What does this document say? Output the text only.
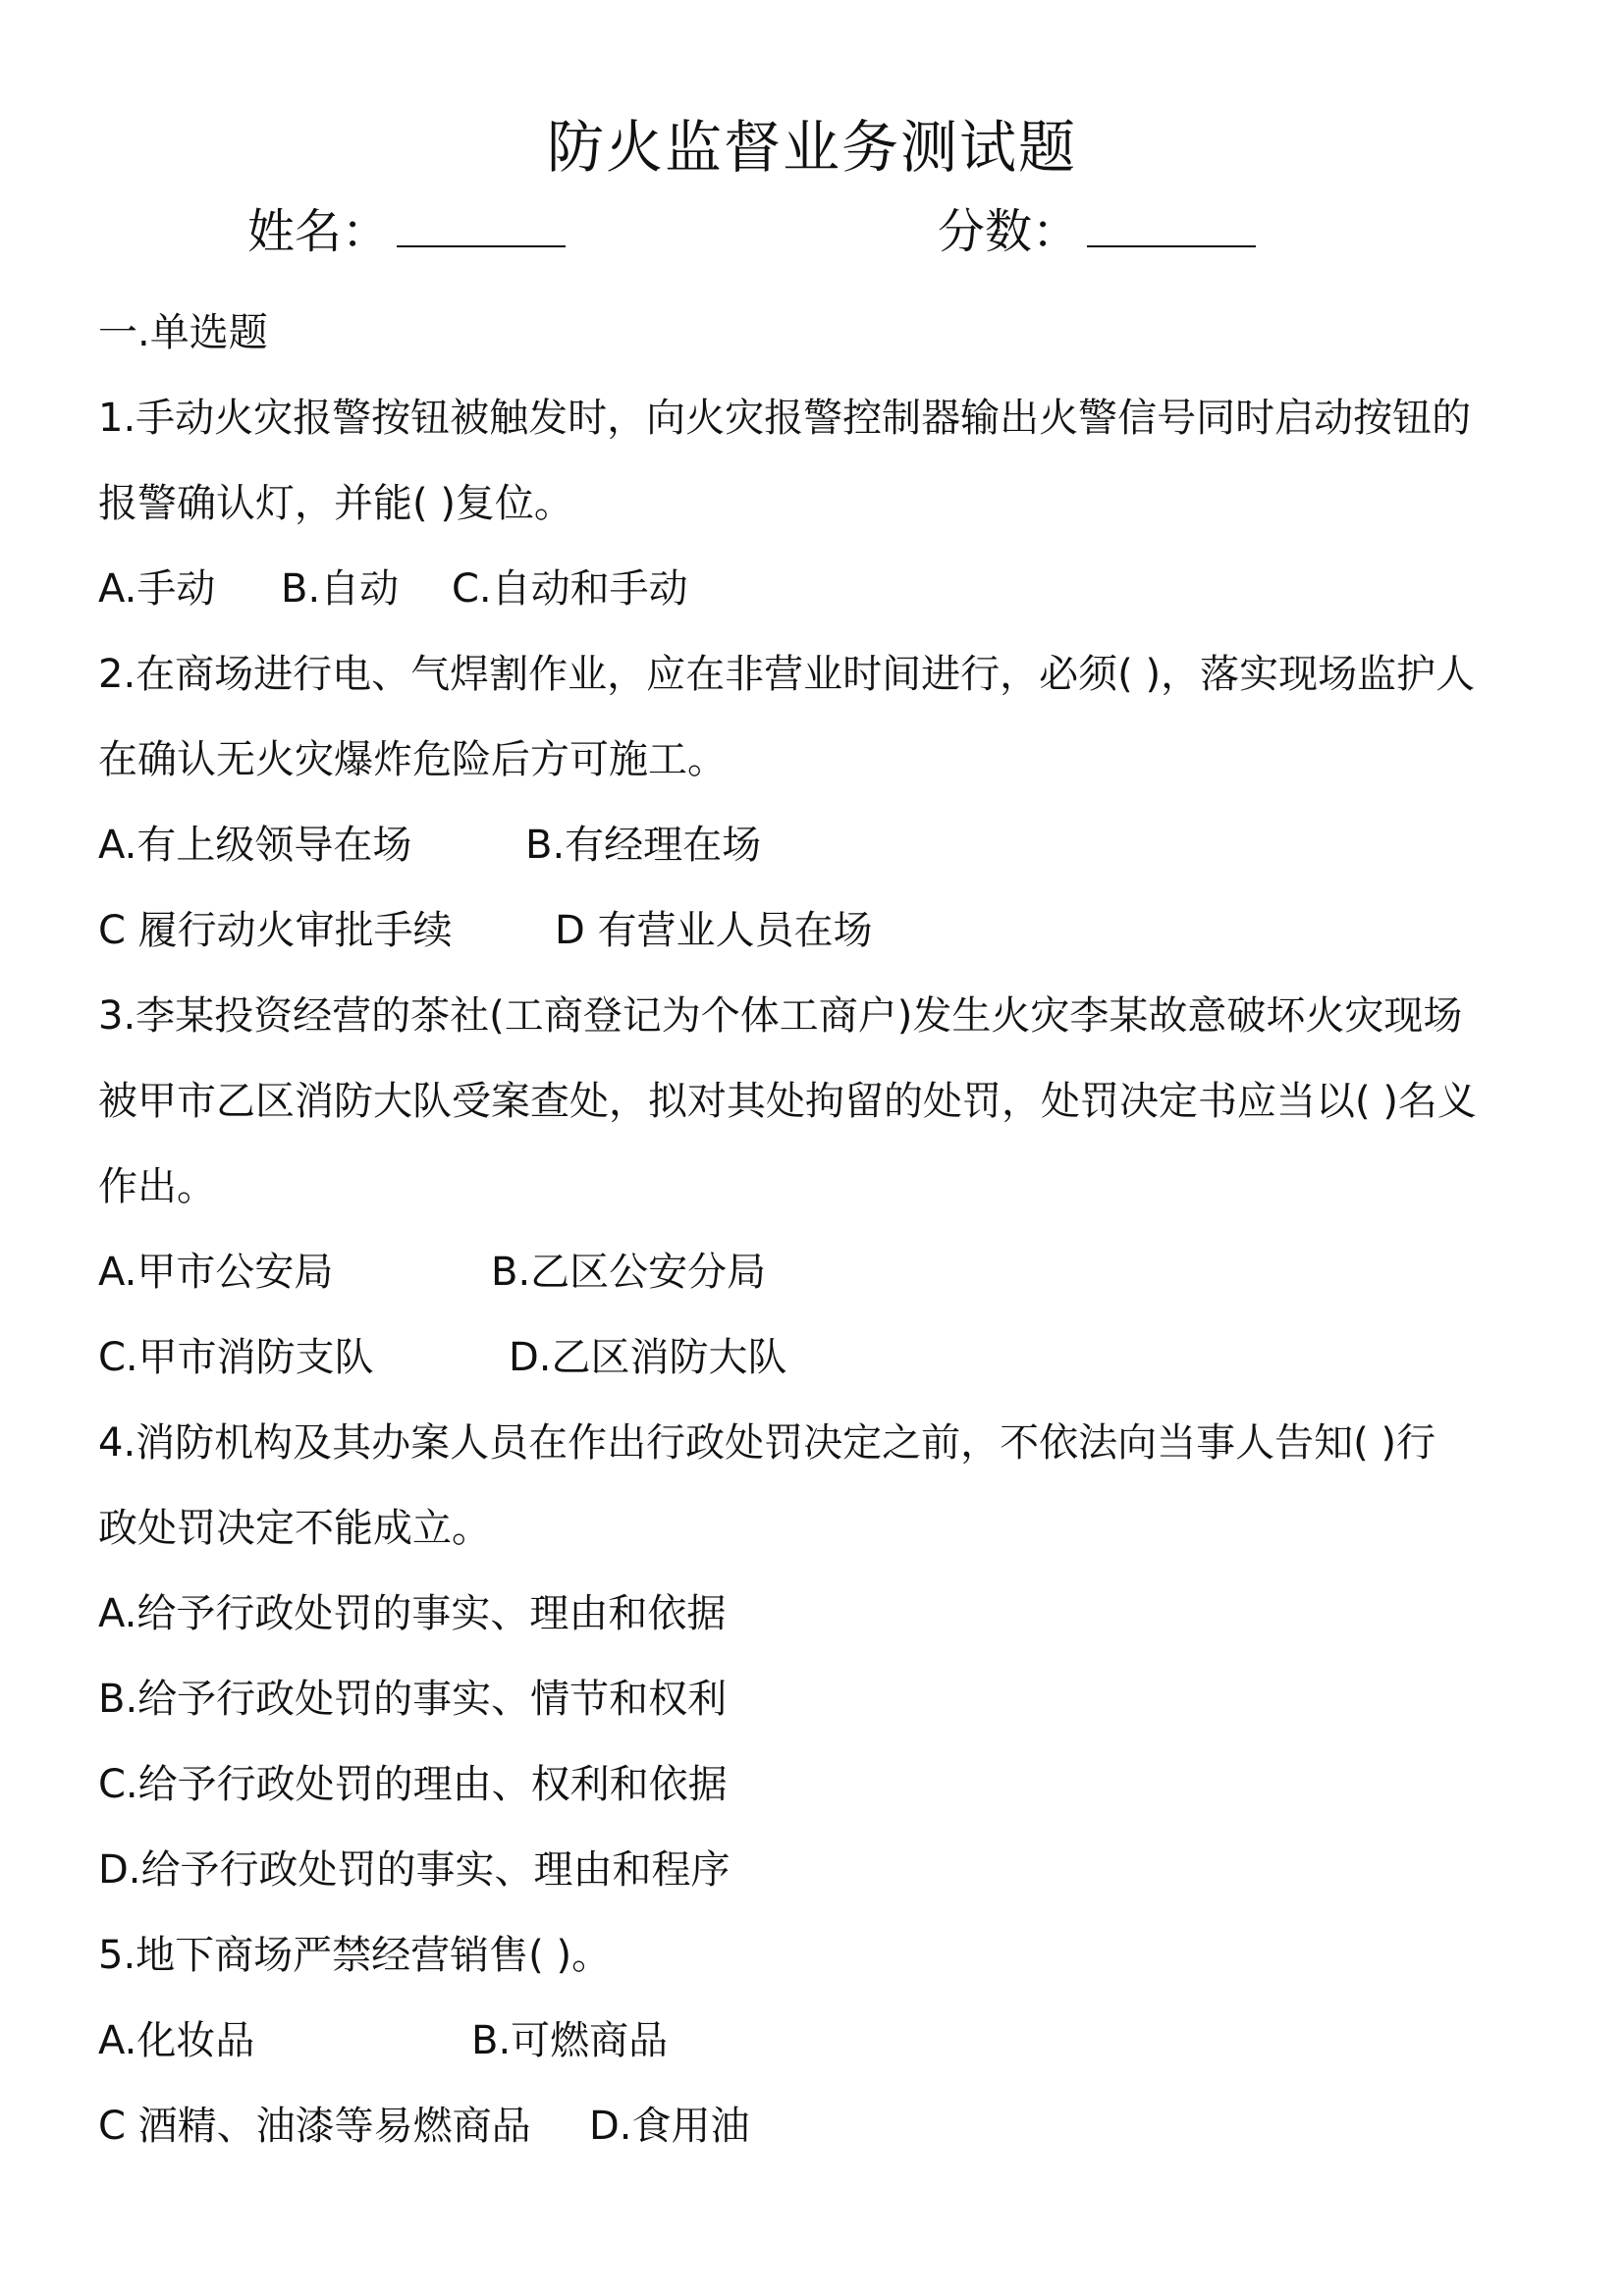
防火监督业务测试题
姓名：	分数：
一.单选题
1.手动火灾报警按钮被触发时，向火灾报警控制器输出火警信号同时启动按钮的
报警确认灯，并能( )复位。
A.手动	B.自动	C.自动和手动
2.在商场进行电、气焊割作业，应在非营业时间进行，必须( )，落实现场监护人
在确认无火灾爆炸危险后方可施工。
A.有上级领导在场	B.有经理在场
C 履行动火审批手续	D 有营业人员在场
3.李某投资经营的茶社(工商登记为个体工商户)发生火灾李某故意破坏火灾现场
被甲市乙区消防大队受案查处，拟对其处拘留的处罚，处罚决定书应当以( )名义
作出。
A.甲市公安局	B.乙区公安分局
C.甲市消防支队	D.乙区消防大队
4.消防机构及其办案人员在作出行政处罚决定之前，不依法向当事人告知( )行
政处罚决定不能成立。
A.给予行政处罚的事实、理由和依据
B.给予行政处罚的事实、情节和权利
C.给予行政处罚的理由、权利和依据
D.给予行政处罚的事实、理由和程序
5.地下商场严禁经营销售( )。
A.化妆品	B.可燃商品
C 酒精、油漆等易燃商品	D.食用油
